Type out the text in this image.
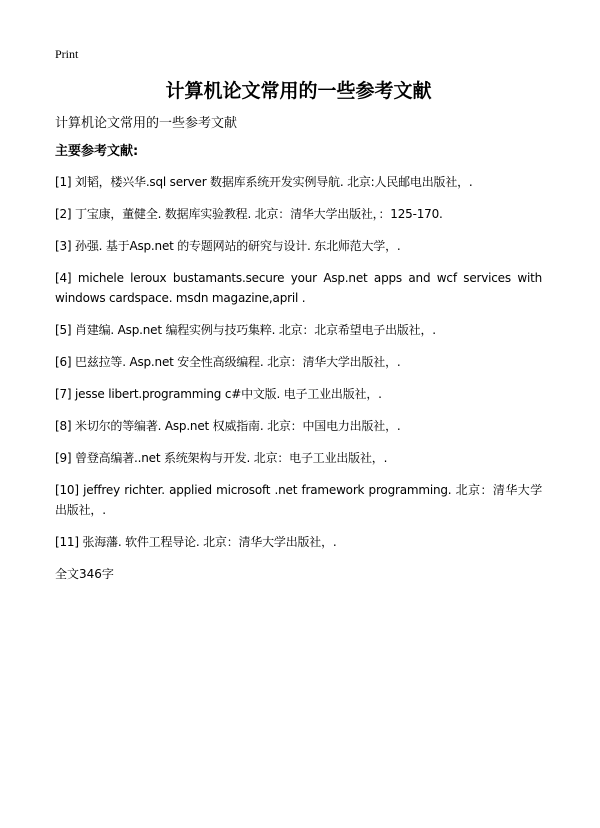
Print
计算机论文常用的一些参考文献
计算机论文常用的一些参考文献
主要参考文献:
[1] 刘韬，楼兴华.sql server 数据库系统开发实例导航. 北京:人民邮电出版社，.
[2] 丁宝康，董健全. 数据库实验教程. 北京：清华大学出版社，：125-170.
[3] 孙强. 基于Asp.net 的专题网站的研究与设计. 东北师范大学，.
[4] michele leroux bustamants.secure your Asp.net apps and wcf services with windows cardspace. msdn magazine,april .
[5] 肖建编. Asp.net 编程实例与技巧集粹. 北京：北京希望电子出版社，.
[6] 巴兹拉等. Asp.net 安全性高级编程. 北京：清华大学出版社，.
[7] jesse libert.programming c#中文版. 电子工业出版社，.
[8] 米切尔的等编著. Asp.net 权威指南. 北京：中国电力出版社，.
[9] 曾登高编著..net 系统架构与开发. 北京：电子工业出版社，.
[10] jeffrey richter. applied microsoft .net framework programming. 北京：清华大学出版社，.
[11] 张海藩. 软件工程导论. 北京：清华大学出版社，.
全文346字
